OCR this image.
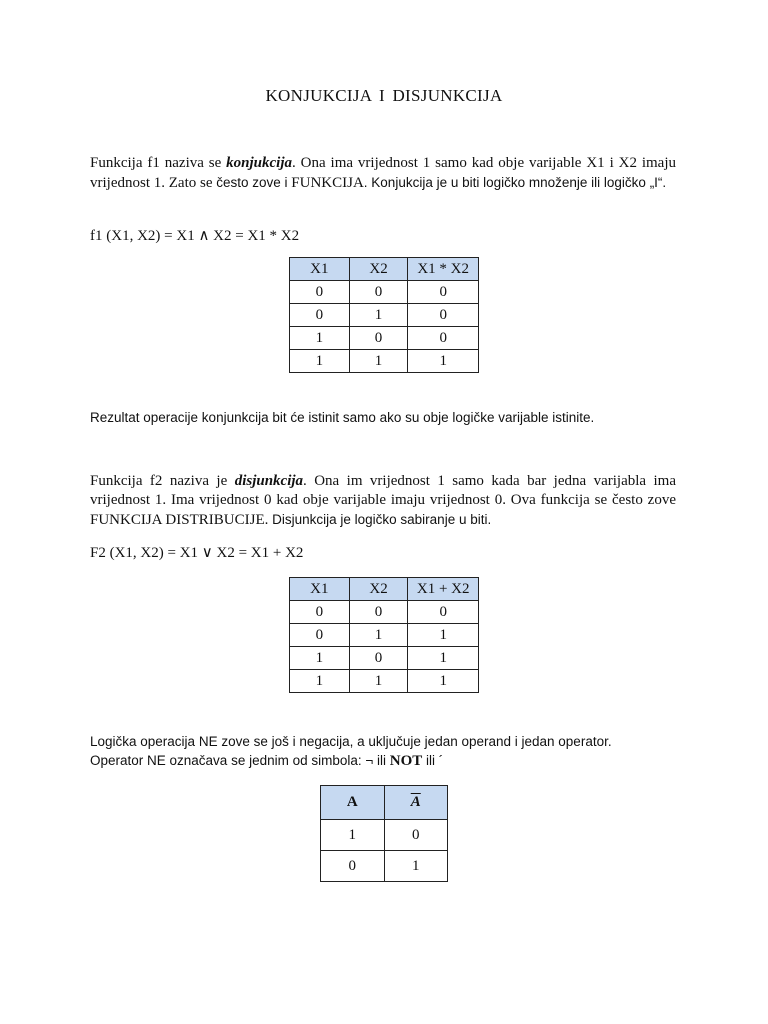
KONJUKCIJA I DISJUNKCIJA
Funkcija f1 naziva se konjukcija. Ona ima vrijednost 1 samo kad obje varijable X1 i X2 imaju vrijednost 1. Zato se često zove i FUNKCIJA. Konjukcija je u biti logičko množenje ili logičko „I“.
f1 (X1, X2) = X1 ∧ X2 = X1 * X2
X1	X2	X1 * X2
0	0	0
0	1	0
1	0	0
1	1	1
Rezultat operacije konjunkcija bit će istinit samo ako su obje logičke varijable istinite.
Funkcija f2 naziva je disjunkcija. Ona im vrijednost 1 samo kada bar jedna varijabla ima vrijednost 1. Ima vrijednost 0 kad obje varijable imaju vrijednost 0. Ova funkcija se često zove FUNKCIJA DISTRIBUCIJE. Disjunkcija je logičko sabiranje u biti.
F2 (X1, X2) = X1 ∨ X2 = X1 + X2
X1	X2	X1 + X2
0	0	0
0	1	1
1	0	1
1	1	1
Logička operacija NE zove se još i negacija, a uključuje jedan operand i jedan operator.
Operator NE označava se jednim od simbola: ¬ ili NOT ili ´
A	$\overline{A}$
1	0
0	1
